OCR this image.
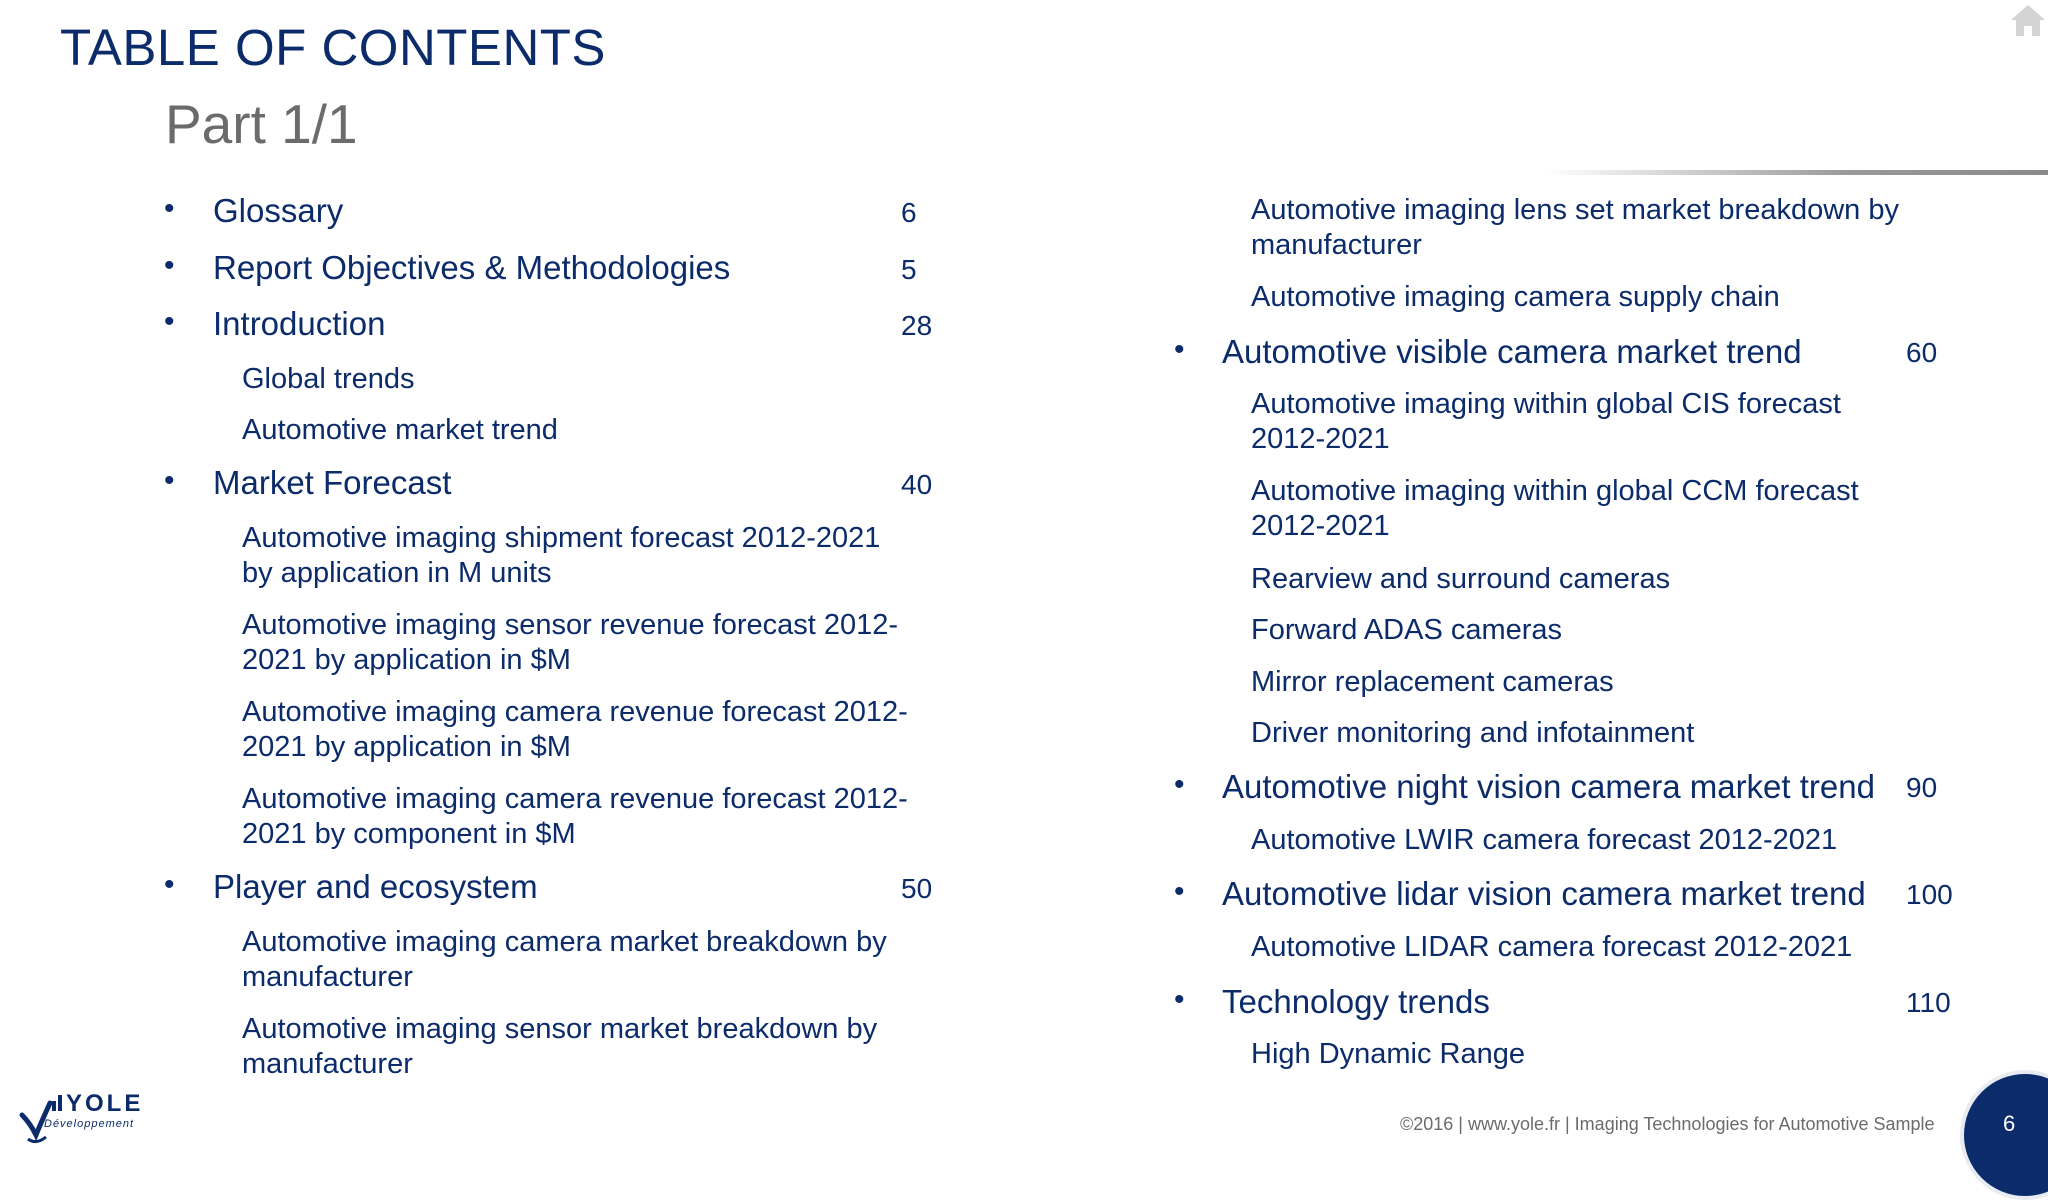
TABLE OF CONTENTS
Part 1/1
• Glossary	6
• Report Objectives & Methodologies	5
• Introduction	28
Global trends
Automotive market trend
• Market Forecast	40
Automotive imaging shipment forecast 2012-2021
by application in M units
Automotive imaging sensor revenue forecast 2012-
2021 by application in $M
Automotive imaging camera revenue forecast 2012-
2021 by application in $M
Automotive imaging camera revenue forecast 2012-
2021 by component in $M
• Player and ecosystem	50
Automotive imaging camera market breakdown by
manufacturer
Automotive imaging sensor market breakdown by
manufacturer
Automotive imaging lens set market breakdown by
manufacturer
Automotive imaging camera supply chain
• Automotive visible camera market trend	60
Automotive imaging within global CIS forecast
2012-2021
Automotive imaging within global CCM forecast
2012-2021
Rearview and surround cameras
Forward ADAS cameras
Mirror replacement cameras
Driver monitoring and infotainment
• Automotive night vision camera market trend 90
Automotive LWIR camera forecast 2012-2021
• Automotive lidar vision camera market trend 100
Automotive LIDAR camera forecast 2012-2021
• Technology trends	110
High Dynamic Range
©2016 | www.yole.fr | Imaging Technologies for Automotive Sample	6
YOLE
Développement
